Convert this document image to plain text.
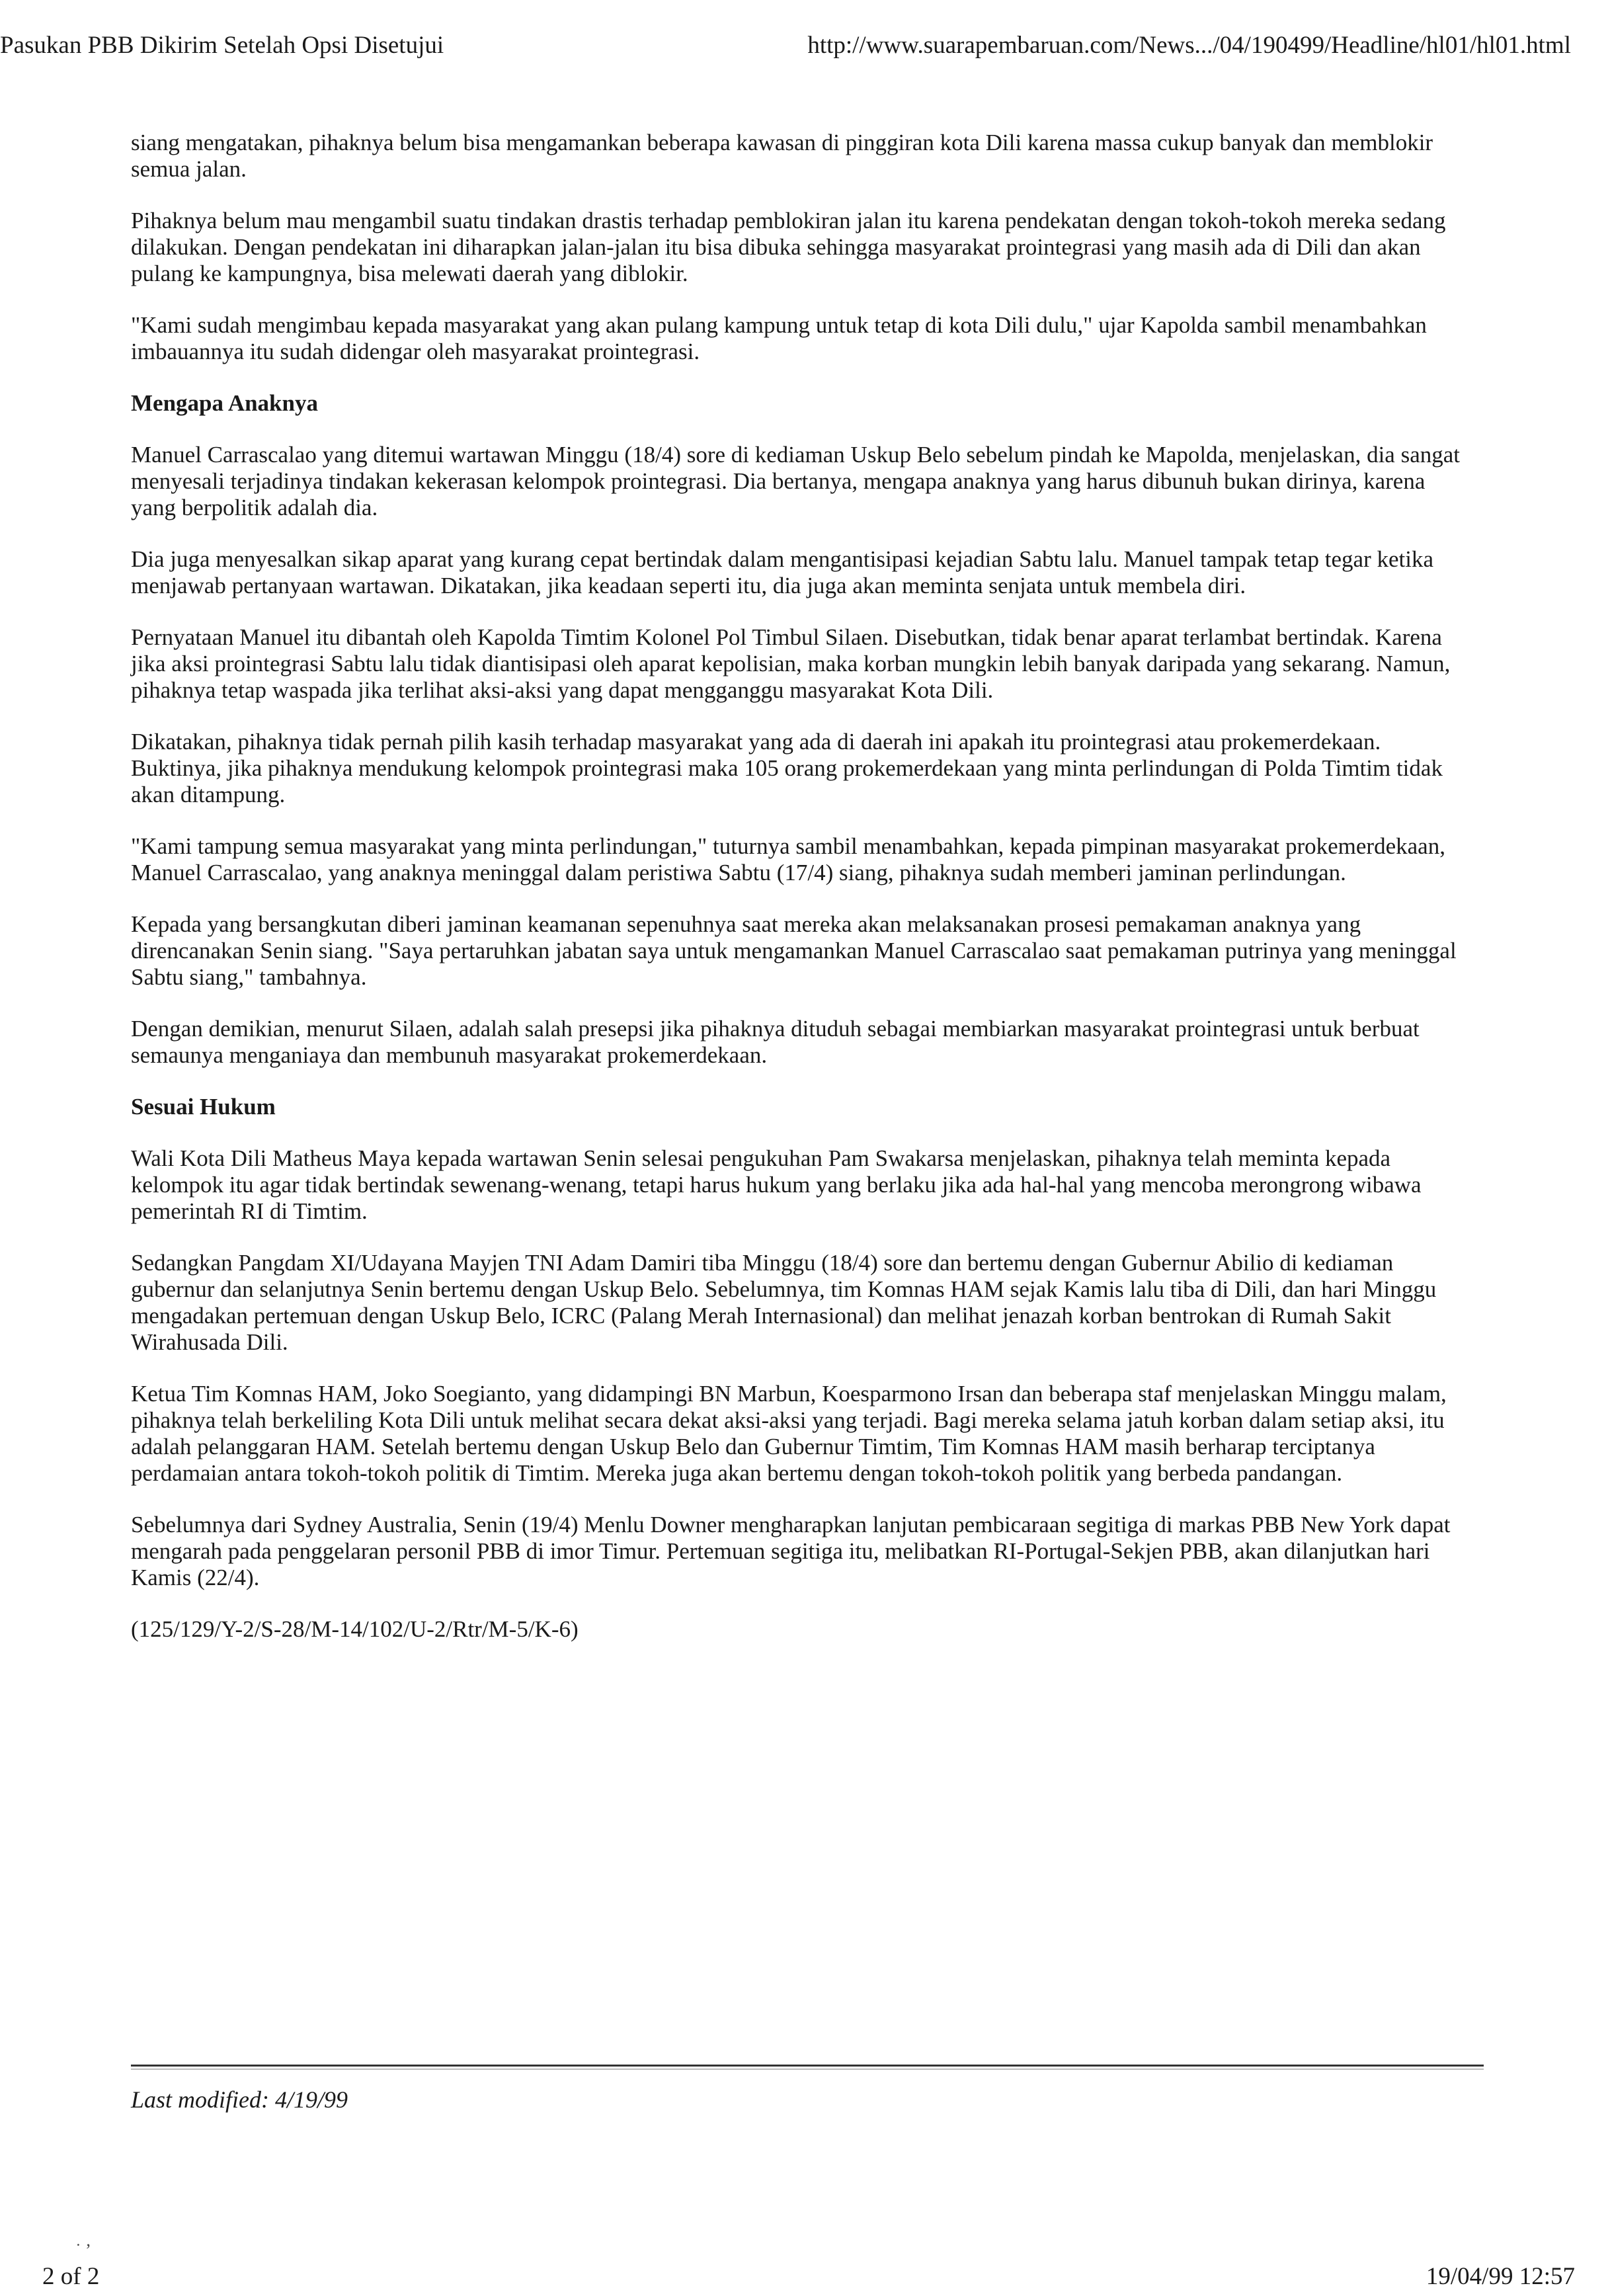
Pasukan PBB Dikirim Setelah Opsi Disetujui	http://www.suarapembaruan.com/News.../04/190499/Headline/hl01/hl01.html

siang mengatakan, pihaknya belum bisa mengamankan beberapa kawasan di pinggiran kota Dili karena massa cukup banyak dan memblokir semua jalan.

Pihaknya belum mau mengambil suatu tindakan drastis terhadap pemblokiran jalan itu karena pendekatan dengan tokoh-tokoh mereka sedang dilakukan. Dengan pendekatan ini diharapkan jalan-jalan itu bisa dibuka sehingga masyarakat prointegrasi yang masih ada di Dili dan akan pulang ke kampungnya, bisa melewati daerah yang diblokir.

"Kami sudah mengimbau kepada masyarakat yang akan pulang kampung untuk tetap di kota Dili dulu," ujar Kapolda sambil menambahkan imbauannya itu sudah didengar oleh masyarakat prointegrasi.

Mengapa Anaknya

Manuel Carrascalao yang ditemui wartawan Minggu (18/4) sore di kediaman Uskup Belo sebelum pindah ke Mapolda, menjelaskan, dia sangat menyesali terjadinya tindakan kekerasan kelompok prointegrasi. Dia bertanya, mengapa anaknya yang harus dibunuh bukan dirinya, karena yang berpolitik adalah dia.

Dia juga menyesalkan sikap aparat yang kurang cepat bertindak dalam mengantisipasi kejadian Sabtu lalu. Manuel tampak tetap tegar ketika menjawab pertanyaan wartawan. Dikatakan, jika keadaan seperti itu, dia juga akan meminta senjata untuk membela diri.

Pernyataan Manuel itu dibantah oleh Kapolda Timtim Kolonel Pol Timbul Silaen. Disebutkan, tidak benar aparat terlambat bertindak. Karena jika aksi prointegrasi Sabtu lalu tidak diantisipasi oleh aparat kepolisian, maka korban mungkin lebih banyak daripada yang sekarang. Namun, pihaknya tetap waspada jika terlihat aksi-aksi yang dapat mengganggu masyarakat Kota Dili.

Dikatakan, pihaknya tidak pernah pilih kasih terhadap masyarakat yang ada di daerah ini apakah itu prointegrasi atau prokemerdekaan. Buktinya, jika pihaknya mendukung kelompok prointegrasi maka 105 orang prokemerdekaan yang minta perlindungan di Polda Timtim tidak akan ditampung.

"Kami tampung semua masyarakat yang minta perlindungan," tuturnya sambil menambahkan, kepada pimpinan masyarakat prokemerdekaan, Manuel Carrascalao, yang anaknya meninggal dalam peristiwa Sabtu (17/4) siang, pihaknya sudah memberi jaminan perlindungan.

Kepada yang bersangkutan diberi jaminan keamanan sepenuhnya saat mereka akan melaksanakan prosesi pemakaman anaknya yang direncanakan Senin siang. "Saya pertaruhkan jabatan saya untuk mengamankan Manuel Carrascalao saat pemakaman putrinya yang meninggal Sabtu siang," tambahnya.

Dengan demikian, menurut Silaen, adalah salah presepsi jika pihaknya dituduh sebagai membiarkan masyarakat prointegrasi untuk berbuat semaunya menganiaya dan membunuh masyarakat prokemerdekaan.

Sesuai Hukum

Wali Kota Dili Matheus Maya kepada wartawan Senin selesai pengukuhan Pam Swakarsa menjelaskan, pihaknya telah meminta kepada kelompok itu agar tidak bertindak sewenang-wenang, tetapi harus hukum yang berlaku jika ada hal-hal yang mencoba merongrong wibawa pemerintah RI di Timtim.

Sedangkan Pangdam XI/Udayana Mayjen TNI Adam Damiri tiba Minggu (18/4) sore dan bertemu dengan Gubernur Abilio di kediaman gubernur dan selanjutnya Senin bertemu dengan Uskup Belo. Sebelumnya, tim Komnas HAM sejak Kamis lalu tiba di Dili, dan hari Minggu mengadakan pertemuan dengan Uskup Belo, ICRC (Palang Merah Internasional) dan melihat jenazah korban bentrokan di Rumah Sakit Wirahusada Dili.

Ketua Tim Komnas HAM, Joko Soegianto, yang didampingi BN Marbun, Koesparmono Irsan dan beberapa staf menjelaskan Minggu malam, pihaknya telah berkeliling Kota Dili untuk melihat secara dekat aksi-aksi yang terjadi. Bagi mereka selama jatuh korban dalam setiap aksi, itu adalah pelanggaran HAM. Setelah bertemu dengan Uskup Belo dan Gubernur Timtim, Tim Komnas HAM masih berharap terciptanya perdamaian antara tokoh-tokoh politik di Timtim. Mereka juga akan bertemu dengan tokoh-tokoh politik yang berbeda pandangan.

Sebelumnya dari Sydney Australia, Senin (19/4) Menlu Downer mengharapkan lanjutan pembicaraan segitiga di markas PBB New York dapat mengarah pada penggelaran personil PBB di imor Timur. Pertemuan segitiga itu, melibatkan RI-Portugal-Sekjen PBB, akan dilanjutkan hari Kamis (22/4).

(125/129/Y-2/S-28/M-14/102/U-2/Rtr/M-5/K-6)

Last modified: 4/19/99
˙ ’
2 of 2	19/04/99 12:57
